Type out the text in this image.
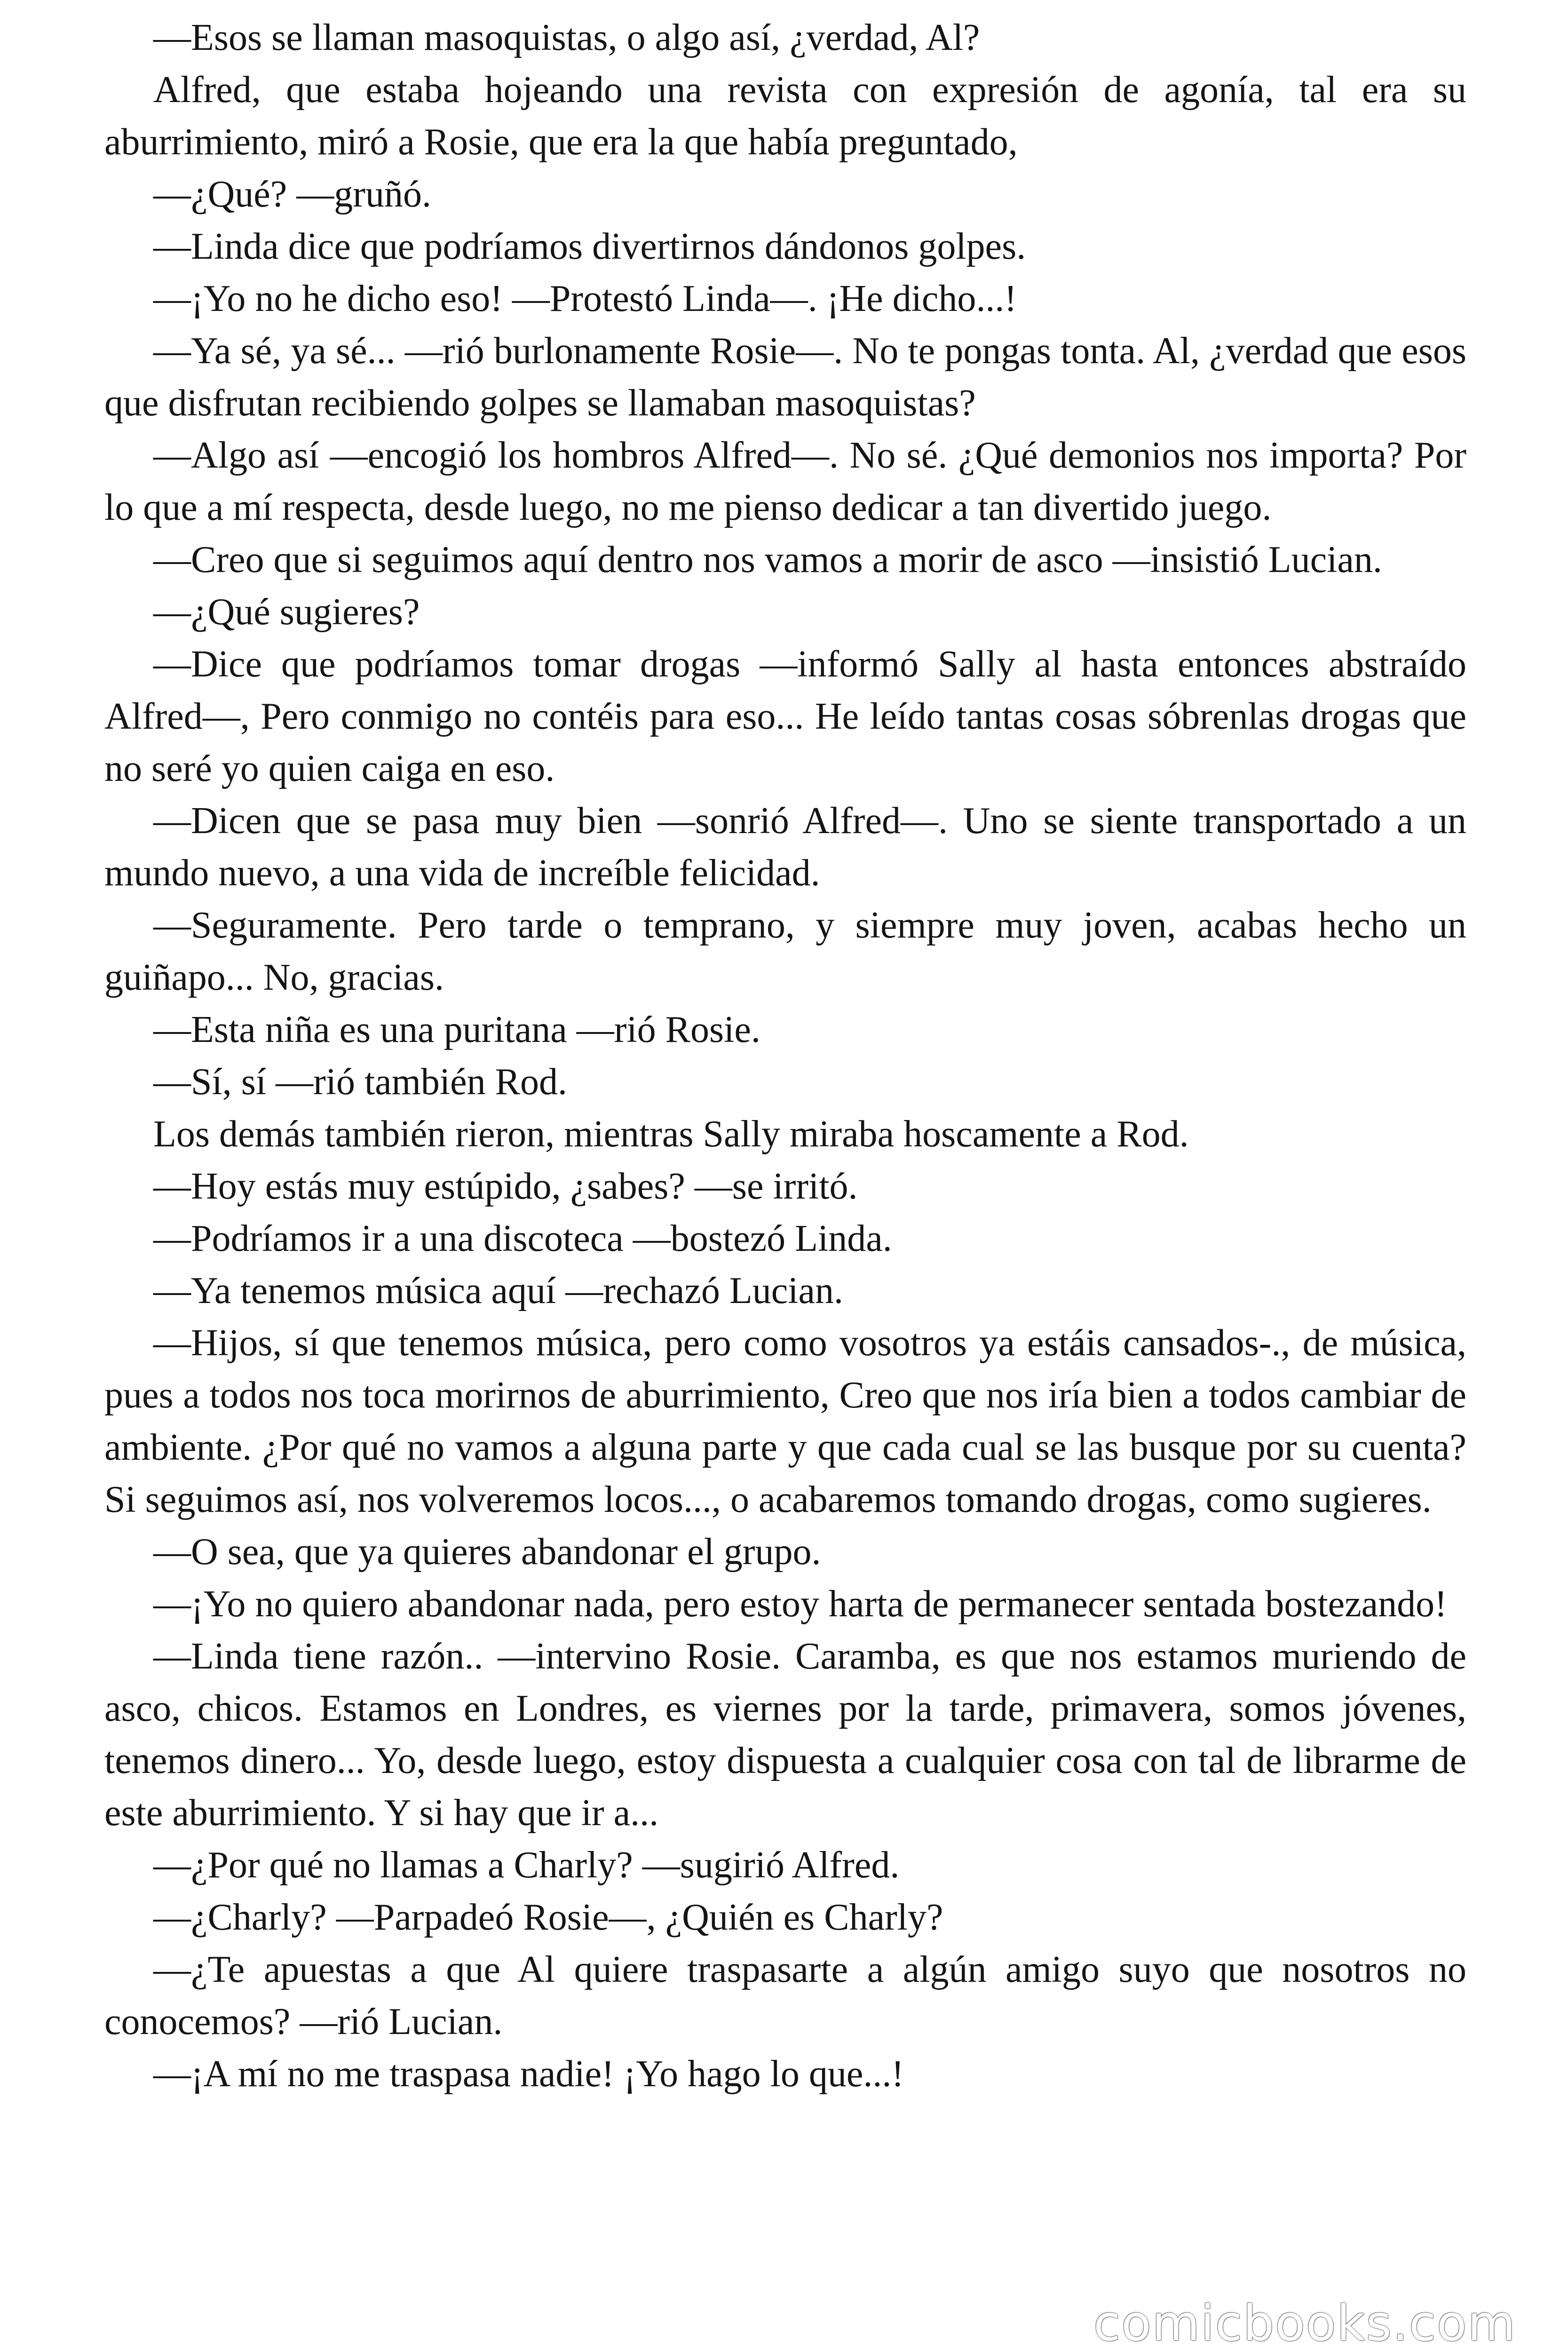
—Esos se llaman masoquistas, o algo así, ¿verdad, Al?

Alfred, que estaba hojeando una revista con expresión de agonía, tal era su aburrimiento, miró a Rosie, que era la que había preguntado,

—¿Qué? —gruñó.

—Linda dice que podríamos divertirnos dándonos golpes.

—¡Yo no he dicho eso! —Protestó Linda—. ¡He dicho...!

—Ya sé, ya sé... —rió burlonamente Rosie—. No te pongas tonta. Al, ¿verdad que esos que disfrutan recibiendo golpes se llamaban masoquistas?

—Algo así —encogió los hombros Alfred—. No sé. ¿Qué demonios nos importa? Por lo que a mí respecta, desde luego, no me pienso dedicar a tan divertido juego.

—Creo que si seguimos aquí dentro nos vamos a morir de asco —insistió Lucian.

—¿Qué sugieres?

—Dice que podríamos tomar drogas —informó Sally al hasta entonces abstraído Alfred—, Pero conmigo no contéis para eso... He leído tantas cosas sóbrenlas drogas que no seré yo quien caiga en eso.

—Dicen que se pasa muy bien —sonrió Alfred—. Uno se siente transportado a un mundo nuevo, a una vida de increíble felicidad.

—Seguramente. Pero tarde o temprano, y siempre muy joven, acabas hecho un guiñapo... No, gracias.

—Esta niña es una puritana —rió Rosie.

—Sí, sí —rió también Rod.

Los demás también rieron, mientras Sally miraba hoscamente a Rod.

—Hoy estás muy estúpido, ¿sabes? —se irritó.

—Podríamos ir a una discoteca —bostezó Linda.

—Ya tenemos música aquí —rechazó Lucian.

—Hijos, sí que tenemos música, pero como vosotros ya estáis cansados-., de música, pues a todos nos toca morirnos de aburrimiento, Creo que nos iría bien a todos cambiar de ambiente. ¿Por qué no vamos a alguna parte y que cada cual se las busque por su cuenta? Si seguimos así, nos volveremos locos..., o acabaremos tomando drogas, como sugieres.

—O sea, que ya quieres abandonar el grupo.

—¡Yo no quiero abandonar nada, pero estoy harta de permanecer sentada bostezando!

—Linda tiene razón.. —intervino Rosie. Caramba, es que nos estamos muriendo de asco, chicos. Estamos en Londres, es viernes por la tarde, primavera, somos jóvenes, tenemos dinero... Yo, desde luego, estoy dispuesta a cualquier cosa con tal de librarme de este aburrimiento. Y si hay que ir a...

—¿Por qué no llamas a Charly? —sugirió Alfred.

—¿Charly? —Parpadeó Rosie—, ¿Quién es Charly?

—¿Te apuestas a que Al quiere traspasarte a algún amigo suyo que nosotros no conocemos? —rió Lucian.

—¡A mí no me traspasa nadie! ¡Yo hago lo que...!

comicbooks.com
